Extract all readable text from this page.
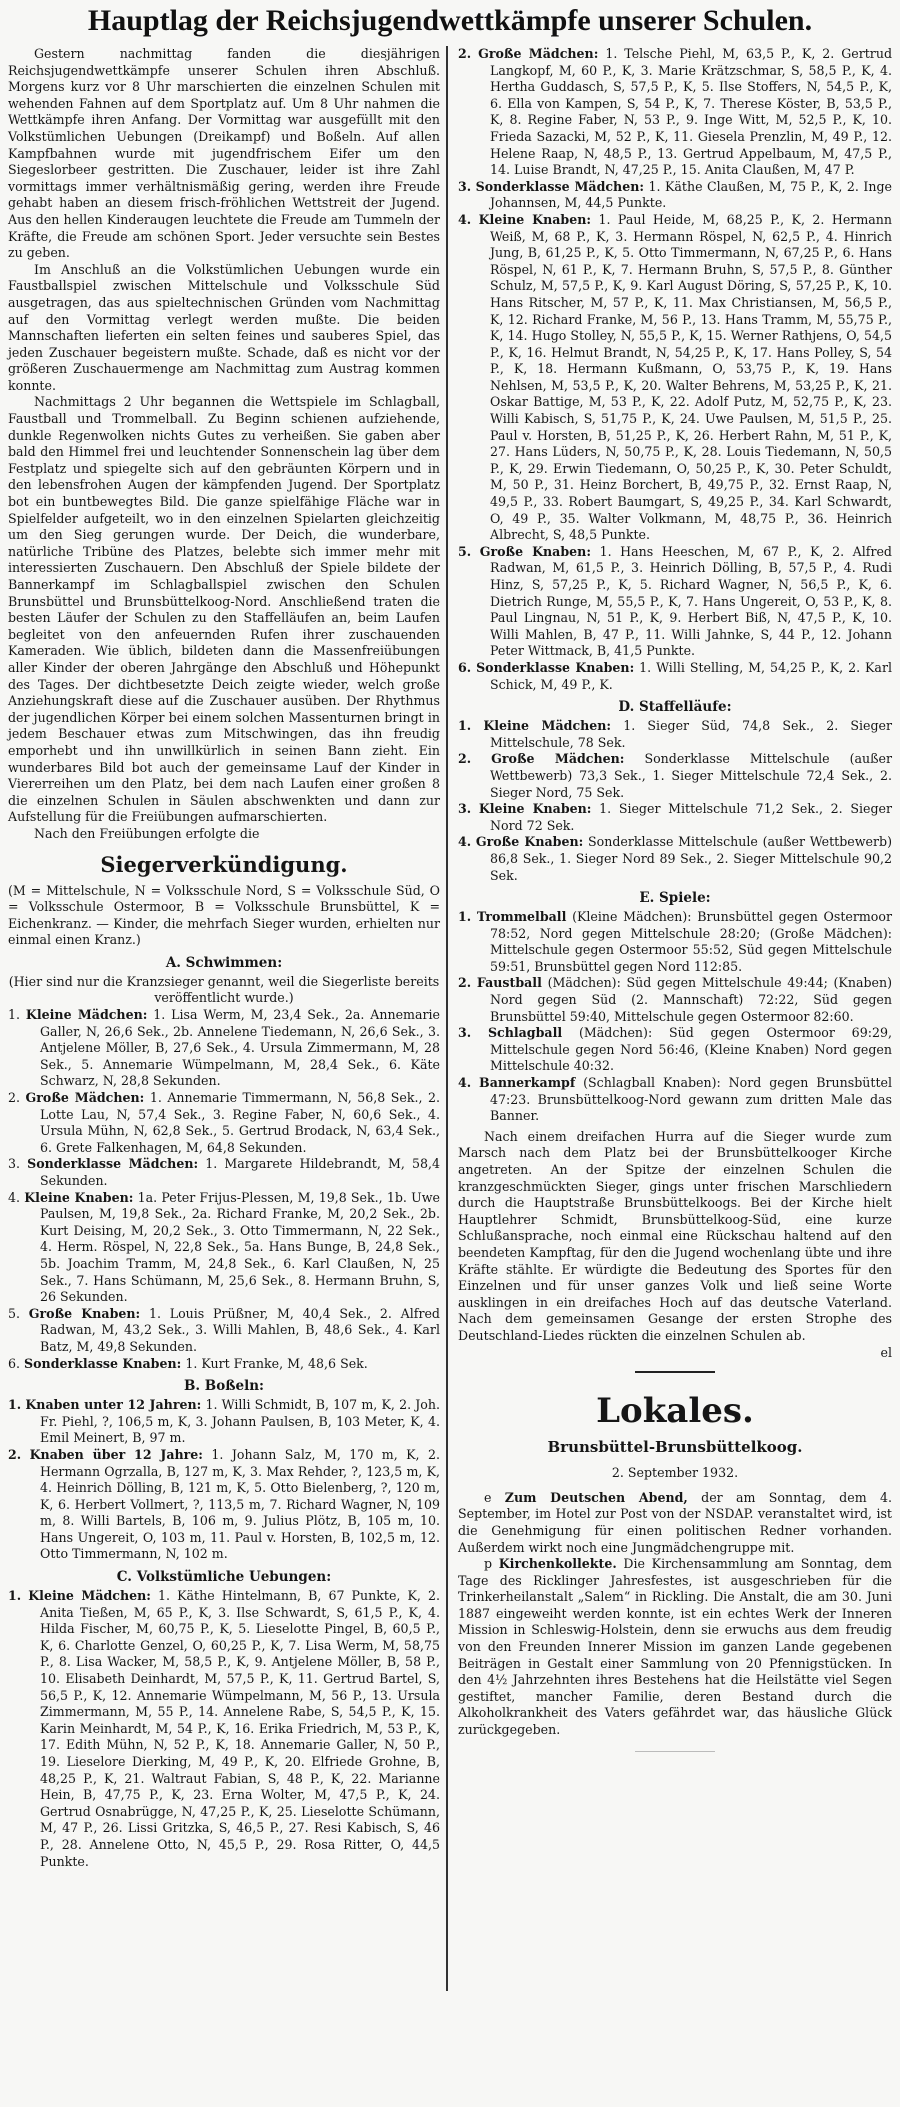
Hauptlag der Reichsjugendwettkämpfe unserer Schulen.

Gestern nachmittag fanden die diesjährigen Reichsjugendwettkämpfe unserer Schulen ihren Abschluß. Morgens kurz vor 8 Uhr marschierten die einzelnen Schulen mit wehenden Fahnen auf dem Sportplatz auf. Um 8 Uhr nahmen die Wettkämpfe ihren Anfang. Der Vormittag war ausgefüllt mit den Volkstümlichen Uebungen (Dreikampf) und Boßeln. Auf allen Kampfbahnen wurde mit jugendfrischem Eifer um den Siegeslorbeer gestritten. Die Zuschauer, leider ist ihre Zahl vormittags immer verhältnismäßig gering, werden ihre Freude gehabt haben an diesem frisch-fröhlichen Wettstreit der Jugend. Aus den hellen Kinderaugen leuchtete die Freude am Tummeln der Kräfte, die Freude am schönen Sport. Jeder versuchte sein Bestes zu geben.

Im Anschluß an die Volkstümlichen Uebungen wurde ein Faustballspiel zwischen Mittelschule und Volksschule Süd ausgetragen, das aus spieltechnischen Gründen vom Nachmittag auf den Vormittag verlegt werden mußte. Die beiden Mannschaften lieferten ein selten feines und sauberes Spiel, das jeden Zuschauer begeistern mußte. Schade, daß es nicht vor der größeren Zuschauermenge am Nachmittag zum Austrag kommen konnte.

Nachmittags 2 Uhr begannen die Wettspiele im Schlagball, Faustball und Trommelball. Zu Beginn schienen aufziehende, dunkle Regenwolken nichts Gutes zu verheißen. Sie gaben aber bald den Himmel frei und leuchtender Sonnenschein lag über dem Festplatz und spiegelte sich auf den gebräunten Körpern und in den lebensfrohen Augen der kämpfenden Jugend. Der Sportplatz bot ein buntbewegtes Bild. Die ganze spielfähige Fläche war in Spielfelder aufgeteilt, wo in den einzelnen Spielarten gleichzeitig um den Sieg gerungen wurde. Der Deich, die wunderbare, natürliche Tribüne des Platzes, belebte sich immer mehr mit interessierten Zuschauern. Den Abschluß der Spiele bildete der Bannerkampf im Schlagballspiel zwischen den Schulen Brunsbüttel und Brunsbüttelkoog-Nord. Anschließend traten die besten Läufer der Schulen zu den Staffelläufen an, beim Laufen begleitet von den anfeuernden Rufen ihrer zuschauenden Kameraden. Wie üblich, bildeten dann die Massenfreiübungen aller Kinder der oberen Jahrgänge den Abschluß und Höhepunkt des Tages. Der dichtbesetzte Deich zeigte wieder, welch große Anziehungskraft diese auf die Zuschauer ausüben. Der Rhythmus der jugendlichen Körper bei einem solchen Massenturnen bringt in jedem Beschauer etwas zum Mitschwingen, das ihn freudig emporhebt und ihn unwillkürlich in seinen Bann zieht. Ein wunderbares Bild bot auch der gemeinsame Lauf der Kinder in Viererreihen um den Platz, bei dem nach Laufen einer großen 8 die einzelnen Schulen in Säulen abschwenkten und dann zur Aufstellung für die Freiübungen aufmarschierten.

Nach den Freiübungen erfolgte die

Siegerverkündigung.

(M = Mittelschule, N = Volksschule Nord, S = Volksschule Süd, O = Volksschule Ostermoor, B = Volksschule Brunsbüttel, K = Eichenkranz. — Kinder, die mehrfach Sieger wurden, erhielten nur einmal einen Kranz.)

A. Schwimmen:

(Hier sind nur die Kranzsieger genannt, weil die Siegerliste bereits veröffentlicht wurde.)

1. Kleine Mädchen: 1. Lisa Werm, M, 23,4 Sek., 2a. Annemarie Galler, N, 26,6 Sek., 2b. Annelene Tiedemann, N, 26,6 Sek., 3. Antjelene Möller, B, 27,6 Sek., 4. Ursula Zimmermann, M, 28 Sek., 5. Annemarie Wümpelmann, M, 28,4 Sek., 6. Käte Schwarz, N, 28,8 Sekunden.
2. Große Mädchen: 1. Annemarie Timmermann, N, 56,8 Sek., 2. Lotte Lau, N, 57,4 Sek., 3. Regine Faber, N, 60,6 Sek., 4. Ursula Mühn, N, 62,8 Sek., 5. Gertrud Brodack, N, 63,4 Sek., 6. Grete Falkenhagen, M, 64,8 Sekunden.
3. Sonderklasse Mädchen: 1. Margarete Hildebrandt, M, 58,4 Sekunden.
4. Kleine Knaben: 1a. Peter Frijus-Plessen, M, 19,8 Sek., 1b. Uwe Paulsen, M, 19,8 Sek., 2a. Richard Franke, M, 20,2 Sek., 2b. Kurt Deising, M, 20,2 Sek., 3. Otto Timmermann, N, 22 Sek., 4. Herm. Röspel, N, 22,8 Sek., 5a. Hans Bunge, B, 24,8 Sek., 5b. Joachim Tramm, M, 24,8 Sek., 6. Karl Claußen, N, 25 Sek., 7. Hans Schümann, M, 25,6 Sek., 8. Hermann Bruhn, S, 26 Sekunden.
5. Große Knaben: 1. Louis Prüßner, M, 40,4 Sek., 2. Alfred Radwan, M, 43,2 Sek., 3. Willi Mahlen, B, 48,6 Sek., 4. Karl Batz, M, 49,8 Sekunden.
6. Sonderklasse Knaben: 1. Kurt Franke, M, 48,6 Sek.
B. Boßeln:
1. Knaben unter 12 Jahren: 1. Willi Schmidt, B, 107 m, K, 2. Joh. Fr. Piehl, ?, 106,5 m, K, 3. Johann Paulsen, B, 103 Meter, K, 4. Emil Meinert, B, 97 m.
2. Knaben über 12 Jahre: 1. Johann Salz, M, 170 m, K, 2. Hermann Ogrzalla, B, 127 m, K, 3. Max Rehder, ?, 123,5 m, K, 4. Heinrich Dölling, B, 121 m, K, 5. Otto Bielenberg, ?, 120 m, K, 6. Herbert Vollmert, ?, 113,5 m, 7. Richard Wagner, N, 109 m, 8. Willi Bartels, B, 106 m, 9. Julius Plötz, B, 105 m, 10. Hans Ungereit, O, 103 m, 11. Paul v. Horsten, B, 102,5 m, 12. Otto Timmermann, N, 102 m.
C. Volkstümliche Uebungen:
1. Kleine Mädchen: 1. Käthe Hintelmann, B, 67 Punkte, K, 2. Anita Tießen, M, 65 P., K, 3. Ilse Schwardt, S, 61,5 P., K, 4. Hilda Fischer, M, 60,75 P., K, 5. Lieselotte Pingel, B, 60,5 P., K, 6. Charlotte Genzel, O, 60,25 P., K, 7. Lisa Werm, M, 58,75 P., 8. Lisa Wacker, M, 58,5 P., K, 9. Antjelene Möller, B, 58 P., 10. Elisabeth Deinhardt, M, 57,5 P., K, 11. Gertrud Bartel, S, 56,5 P., K, 12. Annemarie Wümpelmann, M, 56 P., 13. Ursula Zimmermann, M, 55 P., 14. Annelene Rabe, S, 54,5 P., K, 15. Karin Meinhardt, M, 54 P., K, 16. Erika Friedrich, M, 53 P., K, 17. Edith Mühn, N, 52 P., K, 18. Annemarie Galler, N, 50 P., 19. Lieselore Dierking, M, 49 P., K, 20. Elfriede Grohne, B, 48,25 P., K, 21. Waltraut Fabian, S, 48 P., K, 22. Marianne Hein, B, 47,75 P., K, 23. Erna Wolter, M, 47,5 P., K, 24. Gertrud Osnabrügge, N, 47,25 P., K, 25. Lieselotte Schümann, M, 47 P., 26. Lissi Gritzka, S, 46,5 P., 27. Resi Kabisch, S, 46 P., 28. Annelene Otto, N, 45,5 P., 29. Rosa Ritter, O, 44,5 Punkte.
2. Große Mädchen: 1. Telsche Piehl, M, 63,5 P., K, 2. Gertrud Langkopf, M, 60 P., K, 3. Marie Krätzschmar, S, 58,5 P., K, 4. Hertha Guddasch, S, 57,5 P., K, 5. Ilse Stoffers, N, 54,5 P., K, 6. Ella von Kampen, S, 54 P., K, 7. Therese Köster, B, 53,5 P., K, 8. Regine Faber, N, 53 P., 9. Inge Witt, M, 52,5 P., K, 10. Frieda Sazacki, M, 52 P., K, 11. Giesela Prenzlin, M, 49 P., 12. Helene Raap, N, 48,5 P., 13. Gertrud Appelbaum, M, 47,5 P., 14. Luise Brandt, N, 47,25 P., 15. Anita Claußen, M, 47 P.
3. Sonderklasse Mädchen: 1. Käthe Claußen, M, 75 P., K, 2. Inge Johannsen, M, 44,5 Punkte.
4. Kleine Knaben: 1. Paul Heide, M, 68,25 P., K, 2. Hermann Weiß, M, 68 P., K, 3. Hermann Röspel, N, 62,5 P., 4. Hinrich Jung, B, 61,25 P., K, 5. Otto Timmermann, N, 67,25 P., 6. Hans Röspel, N, 61 P., K, 7. Hermann Bruhn, S, 57,5 P., 8. Günther Schulz, M, 57,5 P., K, 9. Karl August Döring, S, 57,25 P., K, 10. Hans Ritscher, M, 57 P., K, 11. Max Christiansen, M, 56,5 P., K, 12. Richard Franke, M, 56 P., 13. Hans Tramm, M, 55,75 P., K, 14. Hugo Stolley, N, 55,5 P., K, 15. Werner Rathjens, O, 54,5 P., K, 16. Helmut Brandt, N, 54,25 P., K, 17. Hans Polley, S, 54 P., K, 18. Hermann Kußmann, O, 53,75 P., K, 19. Hans Nehlsen, M, 53,5 P., K, 20. Walter Behrens, M, 53,25 P., K, 21. Oskar Battige, M, 53 P., K, 22. Adolf Putz, M, 52,75 P., K, 23. Willi Kabisch, S, 51,75 P., K, 24. Uwe Paulsen, M, 51,5 P., 25. Paul v. Horsten, B, 51,25 P., K, 26. Herbert Rahn, M, 51 P., K, 27. Hans Lüders, N, 50,75 P., K, 28. Louis Tiedemann, N, 50,5 P., K, 29. Erwin Tiedemann, O, 50,25 P., K, 30. Peter Schuldt, M, 50 P., 31. Heinz Borchert, B, 49,75 P., 32. Ernst Raap, N, 49,5 P., 33. Robert Baumgart, S, 49,25 P., 34. Karl Schwardt, O, 49 P., 35. Walter Volkmann, M, 48,75 P., 36. Heinrich Albrecht, S, 48,5 Punkte.
5. Große Knaben: 1. Hans Heeschen, M, 67 P., K, 2. Alfred Radwan, M, 61,5 P., 3. Heinrich Dölling, B, 57,5 P., 4. Rudi Hinz, S, 57,25 P., K, 5. Richard Wagner, N, 56,5 P., K, 6. Dietrich Runge, M, 55,5 P., K, 7. Hans Ungereit, O, 53 P., K, 8. Paul Lingnau, N, 51 P., K, 9. Herbert Biß, N, 47,5 P., K, 10. Willi Mahlen, B, 47 P., 11. Willi Jahnke, S, 44 P., 12. Johann Peter Wittmack, B, 41,5 Punkte.
6. Sonderklasse Knaben: 1. Willi Stelling, M, 54,25 P., K, 2. Karl Schick, M, 49 P., K.
D. Staffelläufe:
1. Kleine Mädchen: 1. Sieger Süd, 74,8 Sek., 2. Sieger Mittelschule, 78 Sek.
2. Große Mädchen: Sonderklasse Mittelschule (außer Wettbewerb) 73,3 Sek., 1. Sieger Mittelschule 72,4 Sek., 2. Sieger Nord, 75 Sek.
3. Kleine Knaben: 1. Sieger Mittelschule 71,2 Sek., 2. Sieger Nord 72 Sek.
4. Große Knaben: Sonderklasse Mittelschule (außer Wettbewerb) 86,8 Sek., 1. Sieger Nord 89 Sek., 2. Sieger Mittelschule 90,2 Sek.
E. Spiele:
1. Trommelball (Kleine Mädchen): Brunsbüttel gegen Ostermoor 78:52, Nord gegen Mittelschule 28:20; (Große Mädchen): Mittelschule gegen Ostermoor 55:52, Süd gegen Mittelschule 59:51, Brunsbüttel gegen Nord 112:85.
2. Faustball (Mädchen): Süd gegen Mittelschule 49:44; (Knaben) Nord gegen Süd (2. Mannschaft) 72:22, Süd gegen Brunsbüttel 59:40, Mittelschule gegen Ostermoor 82:60.
3. Schlagball (Mädchen): Süd gegen Ostermoor 69:29, Mittelschule gegen Nord 56:46, (Kleine Knaben) Nord gegen Mittelschule 40:32.
4. Bannerkampf (Schlagball Knaben): Nord gegen Brunsbüttel 47:23. Brunsbüttelkoog-Nord gewann zum dritten Male das Banner.

Nach einem dreifachen Hurra auf die Sieger wurde zum Marsch nach dem Platz bei der Brunsbüttelkooger Kirche angetreten. An der Spitze der einzelnen Schulen die kranzgeschmückten Sieger, gings unter frischen Marschliedern durch die Hauptstraße Brunsbüttelkoogs. Bei der Kirche hielt Hauptlehrer Schmidt, Brunsbüttelkoog-Süd, eine kurze Schlußansprache, noch einmal eine Rückschau haltend auf den beendeten Kampftag, für den die Jugend wochenlang übte und ihre Kräfte stählte. Er würdigte die Bedeutung des Sportes für den Einzelnen und für unser ganzes Volk und ließ seine Worte ausklingen in ein dreifaches Hoch auf das deutsche Vaterland. Nach dem gemeinsamen Gesange der ersten Strophe des Deutschland-Liedes rückten die einzelnen Schulen ab.

el
Lokales.
Brunsbüttel-Brunsbüttelkoog.
2. September 1932.

e Zum Deutschen Abend, der am Sonntag, dem 4. September, im Hotel zur Post von der NSDAP. veranstaltet wird, ist die Genehmigung für einen politischen Redner vorhanden. Außerdem wirkt noch eine Jungmädchengruppe mit.

p Kirchenkollekte. Die Kirchensammlung am Sonntag, dem Tage des Ricklinger Jahresfestes, ist ausgeschrieben für die Trinkerheilanstalt „Salem“ in Rickling. Die Anstalt, die am 30. Juni 1887 eingeweiht werden konnte, ist ein echtes Werk der Inneren Mission in Schleswig-Holstein, denn sie erwuchs aus dem freudig von den Freunden Innerer Mission im ganzen Lande gegebenen Beiträgen in Gestalt einer Sammlung von 20 Pfennigstücken. In den 4½ Jahrzehnten ihres Bestehens hat die Heilstätte viel Segen gestiftet, mancher Familie, deren Bestand durch die Alkoholkrankheit des Vaters gefährdet war, das häusliche Glück zurückgegeben.
